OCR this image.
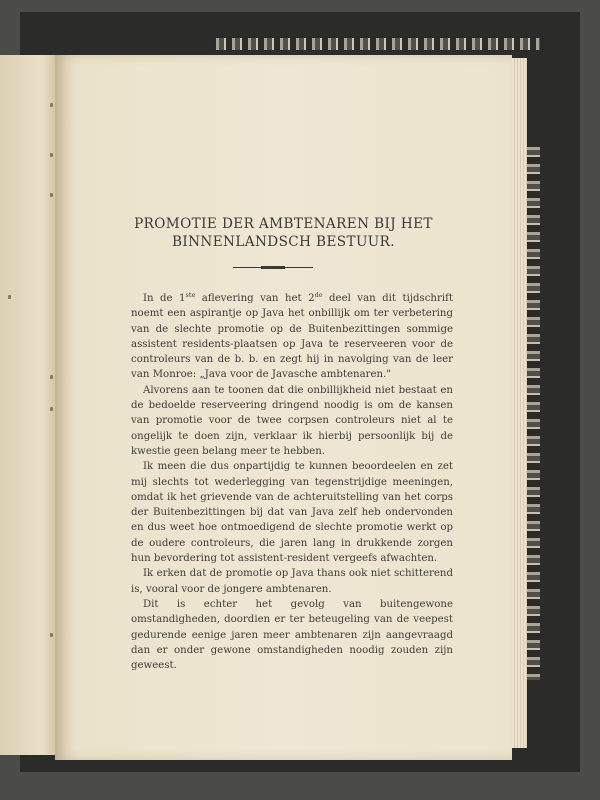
PROMOTIE DER AMBTENAREN BIJ HET
BINNENLANDSCH BESTUUR.

In de 1ste aflevering van het 2de deel van dit tijdschrift noemt een aspirantje op Java het onbillijk om ter verbetering van de slechte promotie op de Buitenbezittingen sommige assistent residents-plaatsen op Java te reserveeren voor de controleurs van de b. b. en zegt hij in navolging van de leer van Monroe: „Java voor de Javasche ambtenaren."

Alvorens aan te toonen dat die onbillijkheid niet bestaat en de bedoelde reserveering dringend noodig is om de kansen van promotie voor de twee corpsen controleurs niet al te ongelijk te doen zijn, verklaar ik hierbij persoonlijk bij de kwestie geen belang meer te hebben.

Ik meen die dus onpartijdig te kunnen beoordeelen en zet mij slechts tot wederlegging van tegenstrijdige meeningen, omdat ik het grievende van de achteruitstelling van het corps der Buitenbezittingen bij dat van Java zelf heb ondervonden en dus weet hoe ontmoedigend de slechte promotie werkt op de oudere controleurs, die jaren lang in drukkende zorgen hun bevordering tot assistent-resident vergeefs afwachten.

Ik erken dat de promotie op Java thans ook niet schitterend is, vooral voor de jongere ambtenaren.

Dit is echter het gevolg van buitengewone omstandigheden, doordien er ter beteugeling van de veepest gedurende eenige jaren meer ambtenaren zijn aangevraagd dan er onder gewone omstandigheden noodig zouden zijn geweest.
